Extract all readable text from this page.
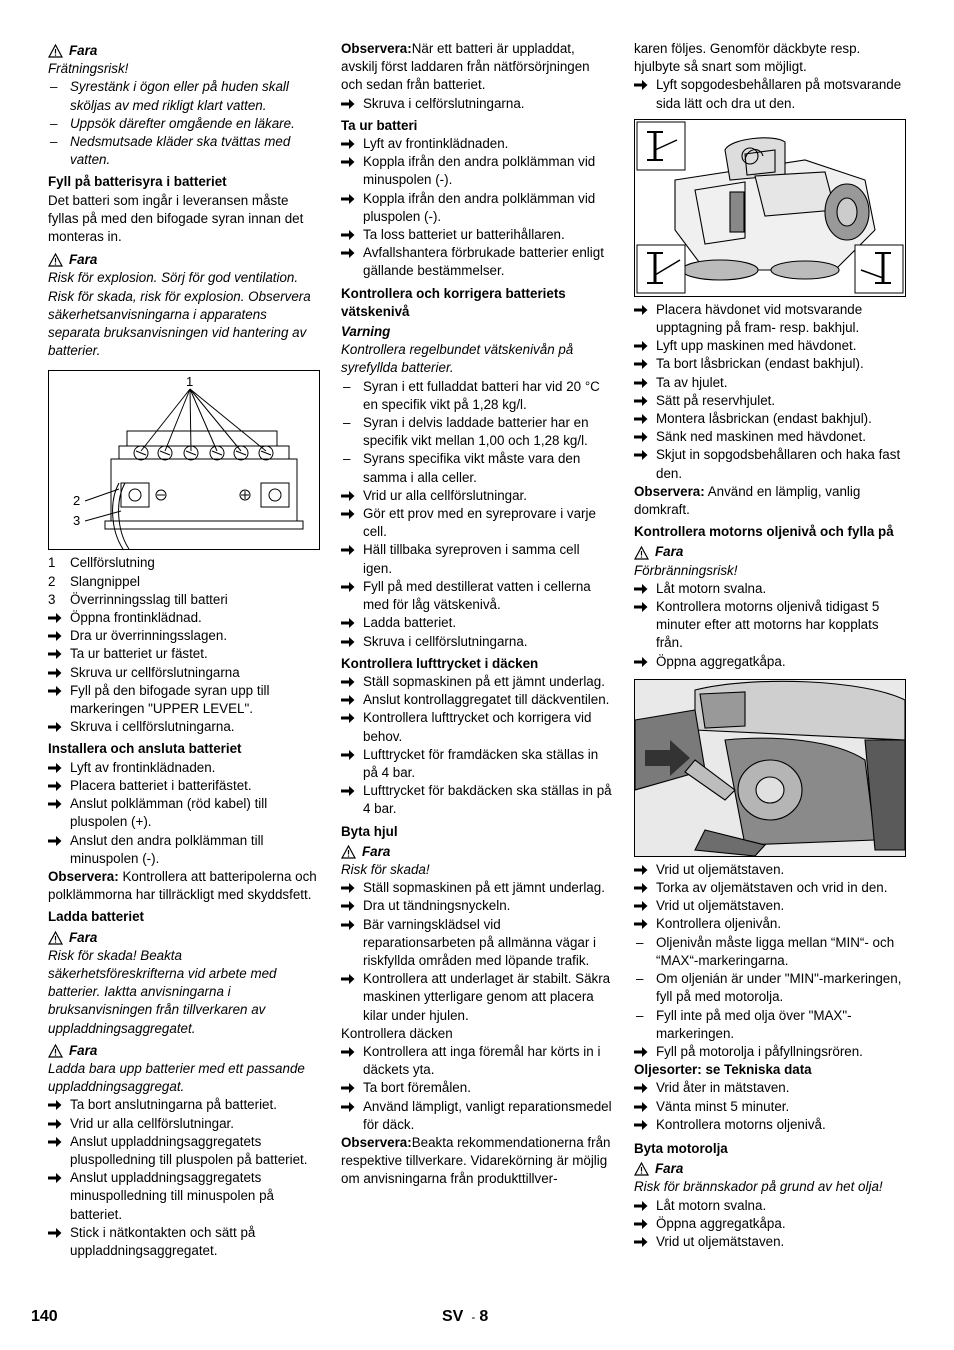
Fara
Frätningsrisk!
– Syrestänk i ögon eller på huden skall sköljas av med rikligt klart vatten.
– Uppsök därefter omgående en läkare.
– Nedsmutsade kläder ska tvättas med vatten.
Fyll på batterisyra i batteriet
Det batteri som ingår i leveransen måste fyllas på med den bifogade syran innan det monteras in.
Fara
Risk för explosion. Sörj för god ventilation. Risk för skada, risk för explosion. Observera säkerhetsanvisningarna i apparatens separata bruksanvisningen vid hantering av batterier.
1
2
3
1 Cellförslutning
2 Slangnippel
3 Överrinningsslag till batteri
Öppna frontinklädnad.
Dra ur överrinningsslagen.
Ta ur batteriet ur fästet.
Skruva ur cellförslutningarna
Fyll på den bifogade syran upp till markeringen "UPPER LEVEL".
Skruva i cellförslutningarna.
Installera och ansluta batteriet
Lyft av frontinklädnaden.
Placera batteriet i batterifästet.
Anslut polklämman (röd kabel) till pluspolen (+).
Anslut den andra polklämman till minuspolen (-).
Observera: Kontrollera att batteripolerna och polklämmorna har tillräckligt med skyddsfett.
Ladda batteriet
Fara
Risk för skada! Beakta säkerhetsföreskrifterna vid arbete med batterier. Iaktta anvisningarna i bruksanvisningen från tillverkaren av uppladdningsaggregatet.
Fara
Ladda bara upp batterier med ett passande uppladdningsaggregat.
Ta bort anslutningarna på batteriet.
Vrid ur alla cellförslutningar.
Anslut uppladdningsaggregatets pluspolledning till pluspolen på batteriet.
Anslut uppladdningsaggregatets minuspolledning till minuspolen på batteriet.
Stick i nätkontakten och sätt på uppladdningsaggregatet.
Observera:När ett batteri är uppladdat, avskilj först laddaren från nätförsörjningen och sedan från batteriet.
Skruva i celförslutningarna.
Ta ur batteri
Lyft av frontinklädnaden.
Koppla ifrån den andra polklämman vid minuspolen (-).
Koppla ifrån den andra polklämman vid pluspolen (-).
Ta loss batteriet ur batterihållaren.
Avfallshantera förbrukade batterier enligt gällande bestämmelser.
Kontrollera och korrigera batteriets vätskenivå
Varning
Kontrollera regelbundet vätskenivån på syrefyllda batterier.
– Syran i ett fulladdat batteri har vid 20 °C en specifik vikt på 1,28 kg/l.
– Syran i delvis laddade batterier har en specifik vikt mellan 1,00 och 1,28 kg/l.
– Syrans specifika vikt måste vara den samma i alla celler.
Vrid ur alla cellförslutningar.
Gör ett prov med en syreprovare i varje cell.
Häll tillbaka syreproven i samma cell igen.
Fyll på med destillerat vatten i cellerna med för låg vätskenivå.
Ladda batteriet.
Skruva i cellförslutningarna.
Kontrollera lufttrycket i däcken
Ställ sopmaskinen på ett jämnt underlag.
Anslut kontrollaggregatet till däckventilen.
Kontrollera lufttrycket och korrigera vid behov.
Lufttrycket för framdäcken ska ställas in på 4 bar.
Lufttrycket för bakdäcken ska ställas in på 4 bar.
Byta hjul
Fara
Risk för skada!
Ställ sopmaskinen på ett jämnt underlag.
Dra ut tändningsnyckeln.
Bär varningsklädsel vid reparationsarbeten på allmänna vägar i riskfyllda områden med löpande trafik.
Kontrollera att underlaget är stabilt. Säkra maskinen ytterligare genom att placera kilar under hjulen.
Kontrollera däcken
Kontrollera att inga föremål har körts in i däckets yta.
Ta bort föremålen.
Använd lämpligt, vanligt reparationsmedel för däck.
Observera:Beakta rekommendationerna från respektive tillverkare. Vidarekörning är möjlig om anvisningarna från produkttillver-
karen följes. Genomför däckbyte resp. hjulbyte så snart som möjligt.
Lyft sopgodesbehållaren på motsvarande sida lätt och dra ut den.
Placera hävdonet vid motsvarande upptagning på fram- resp. bakhjul.
Lyft upp maskinen med hävdonet.
Ta bort låsbrickan (endast bakhjul).
Ta av hjulet.
Sätt på reservhjulet.
Montera låsbrickan (endast bakhjul).
Sänk ned maskinen med hävdonet.
Skjut in sopgodsbehållaren och haka fast den.
Observera: Använd en lämplig, vanlig domkraft.
Kontrollera motorns oljenivå och fylla på
Fara
Förbränningsrisk!
Låt motorn svalna.
Kontrollera motorns oljenivå tidigast 5 minuter efter att motorns har kopplats från.
Öppna aggregatkåpa.
Vrid ut oljemätstaven.
Torka av oljemätstaven och vrid in den.
Vrid ut oljemätstaven.
Kontrollera oljenivån.
– Oljenivån måste ligga mellan “MIN“- och “MAX“-markeringarna.
– Om oljenián är under "MIN"-markeringen, fyll på med motorolja.
– Fyll inte på med olja över "MAX"-markeringen.
Fyll på motorolja i påfyllningsrören.
Oljesorter: se Tekniska data
Vrid åter in mätstaven.
Vänta minst 5 minuter.
Kontrollera motorns oljenivå.
Byta motorolja
Fara
Risk för brännskador på grund av het olja!
Låt motorn svalna.
Öppna aggregatkåpa.
Vrid ut oljemätstaven.
140	SV - 8
